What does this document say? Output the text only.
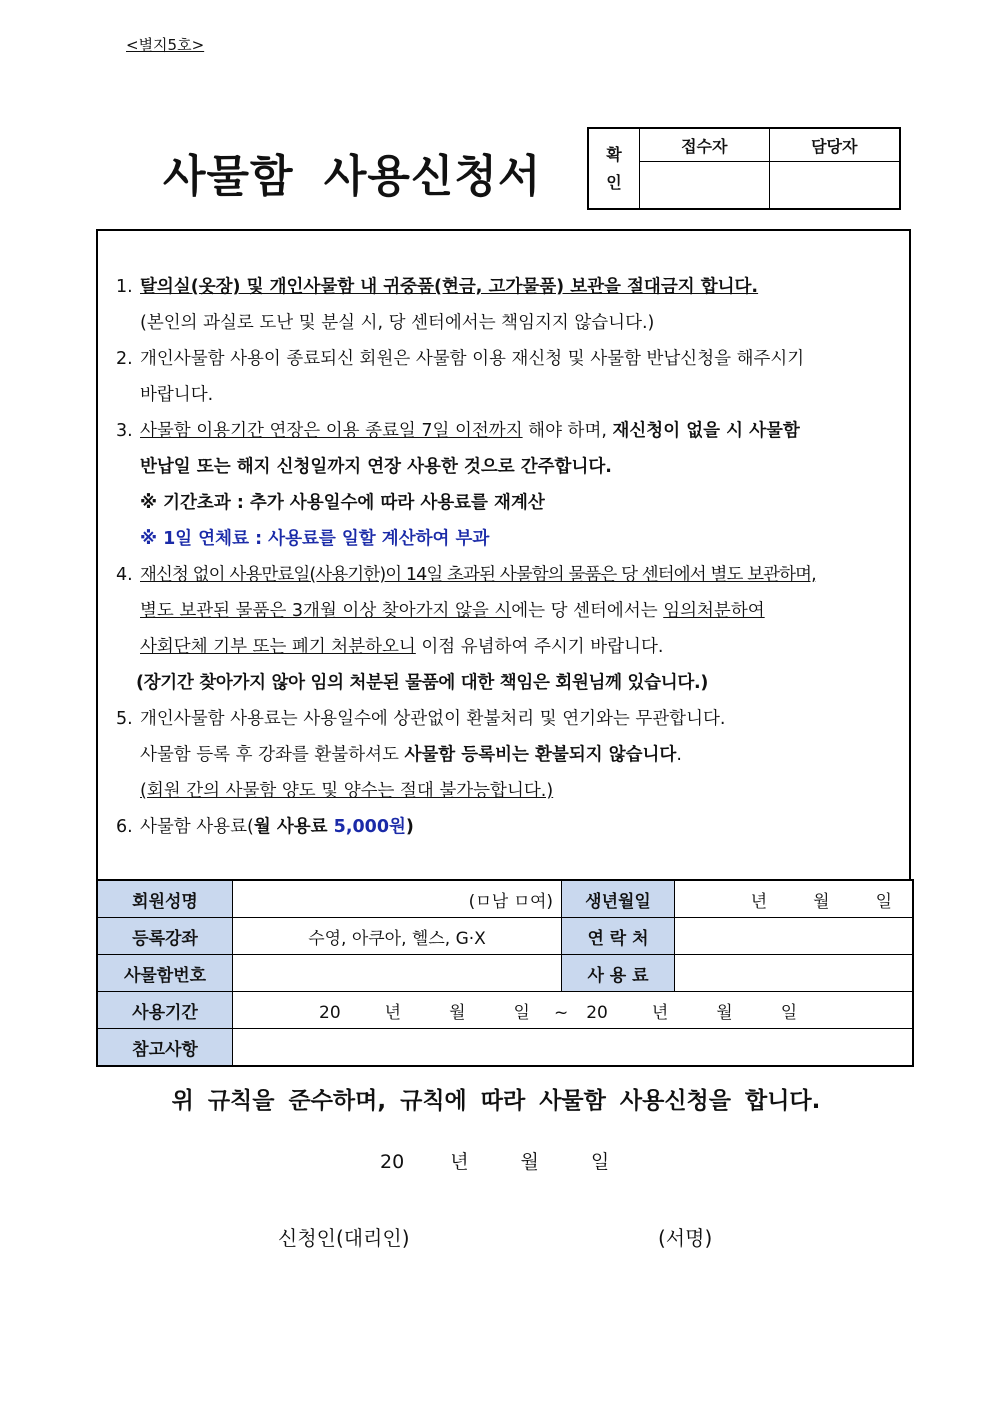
<별지5호>
사물함 사용신청서	확
인	접수자	담당자

1. 탈의실(옷장) 및 개인사물함 내 귀중품(현금, 고가물품) 보관을 절대금지 합니다.
(본인의 과실로 도난 및 분실 시, 당 센터에서는 책임지지 않습니다.)
2. 개인사물함 사용이 종료되신 회원은 사물함 이용 재신청 및 사물함 반납신청을 해주시기
바랍니다.
3. 사물함 이용기간 연장은 이용 종료일 7일 이전까지 해야 하며, 재신청이 없을 시 사물함
반납일 또는 해지 신청일까지 연장 사용한 것으로 간주합니다.
※ 기간초과 : 추가 사용일수에 따라 사용료를 재계산
※ 1일 연체료 : 사용료를 일할 계산하여 부과
4. 재신청 없이 사용만료일(사용기한)이 14일 초과된 사물함의 물품은 당 센터에서 별도 보관하며,
별도 보관된 물품은 3개월 이상 찾아가지 않을 시에는 당 센터에서는 임의처분하여
사회단체 기부 또는 폐기 처분하오니 이점 유념하여 주시기 바랍니다.
(장기간 찾아가지 않아 임의 처분된 물품에 대한 책임은 회원님께 있습니다.)
5. 개인사물함 사용료는 사용일수에 상관없이 환불처리 및 연기와는 무관합니다.
사물함 등록 후 강좌를 환불하셔도 사물함 등록비는 환불되지 않습니다.
(회원 간의 사물함 양도 및 양수는 절대 불가능합니다.)
6. 사물함 사용료(월 사용료 5,000원)
회원성명	(ㅁ남 ㅁ여)	생년월일	년 월 일
등록강좌	수영, 아쿠아, 헬스, G·X	연 락 처	
사물함번호		사 용 료	
사용기간	20 년 월 일 ~ 20 년 월 일		
참고사항			
위 규칙을 준수하며, 규칙에 따라 사물함 사용신청을 합니다.
20 년	월	일
신청인(대리인)	(서명)
